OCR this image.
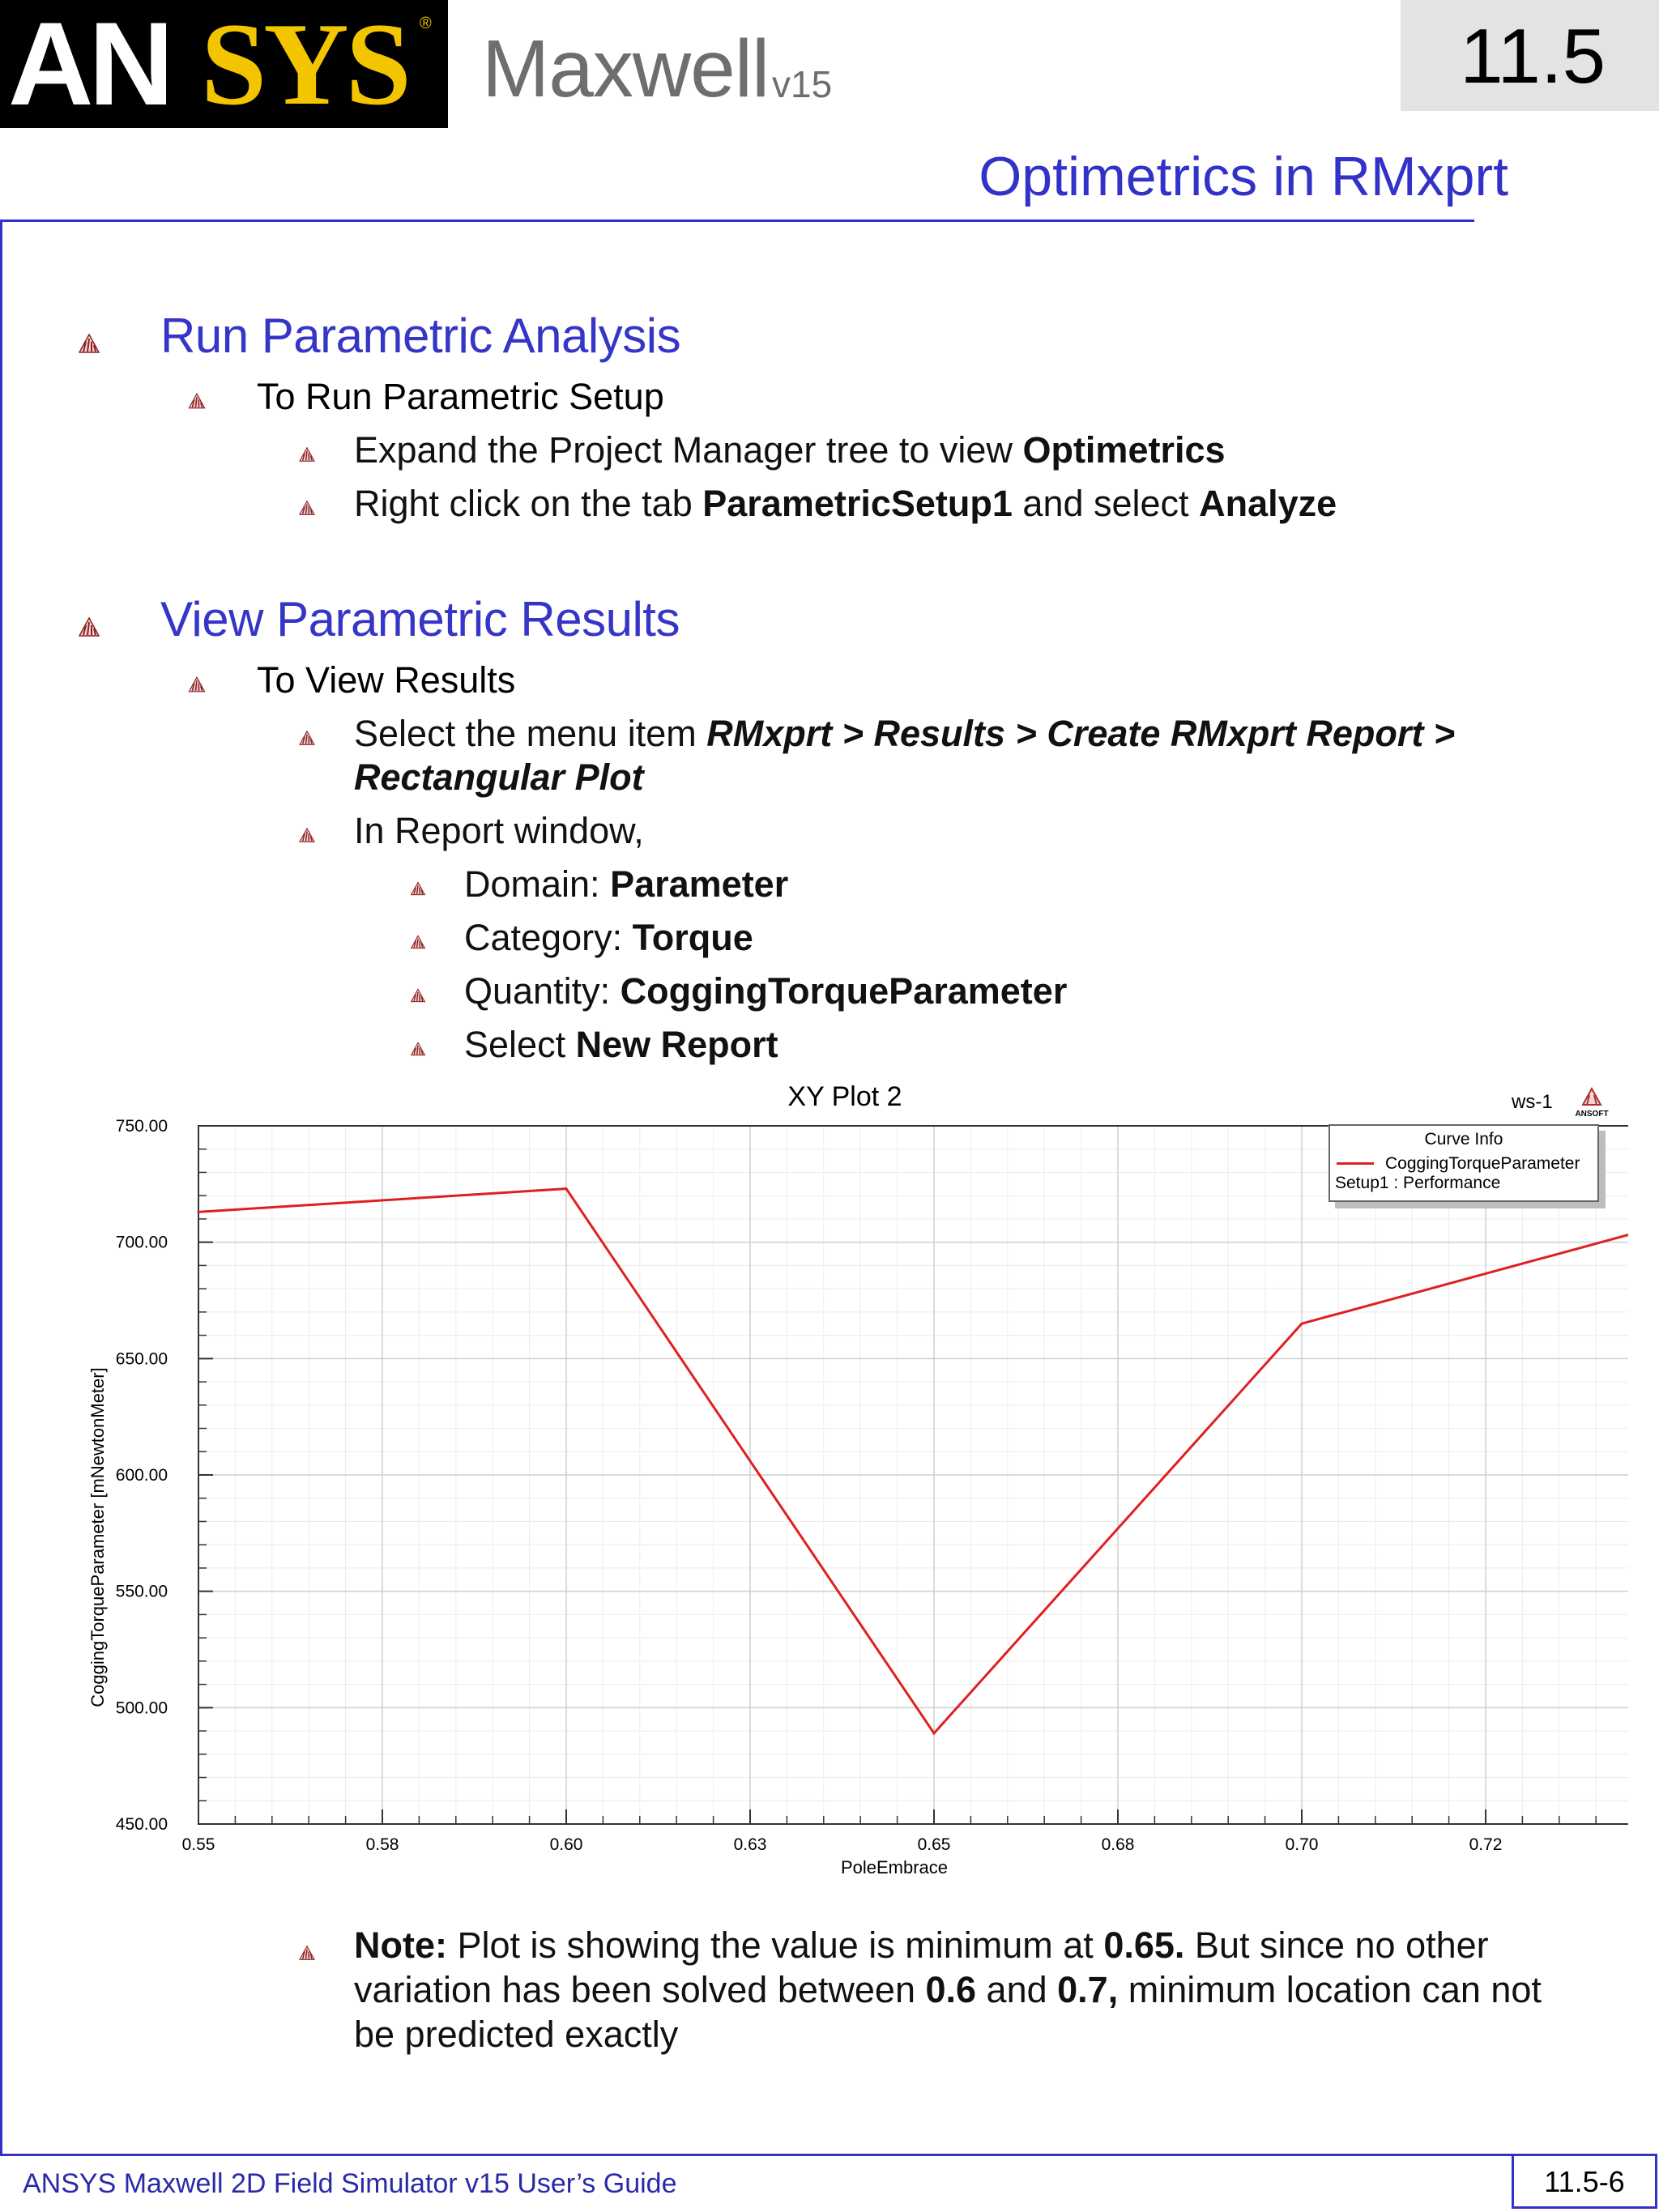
AN SYS ® Maxwell v15	11.5
Optimetrics in RMxprt
Run Parametric Analysis
To Run Parametric Setup
Expand the Project Manager tree to view Optimetrics
Right click on the tab ParametricSetup1 and select Analyze
View Parametric Results
To View Results
Select the menu item RMxprt > Results > Create RMxprt Report >
Rectangular Plot
In Report window,
Domain: Parameter
Category: Torque
Quantity: CoggingTorqueParameter
Select New Report
0.55	0.58	0.60	0.63	0.65	0.68	0.70	0.72
450.00
500.00
550.00
600.00
650.00
700.00
750.00
XY Plot 2
PoleEmbrace
CoggingTorqueParameter [mNewtonMeter]
ws-1
ANSOFT
Curve Info
CoggingTorqueParameter
Setup1 : Performance
Note: Plot is showing the value is minimum at 0.65. But since no other
variation has been solved between 0.6 and 0.7, minimum location can not
be predicted exactly
ANSYS Maxwell 2D Field Simulator v15 User’s Guide	11.5-6
